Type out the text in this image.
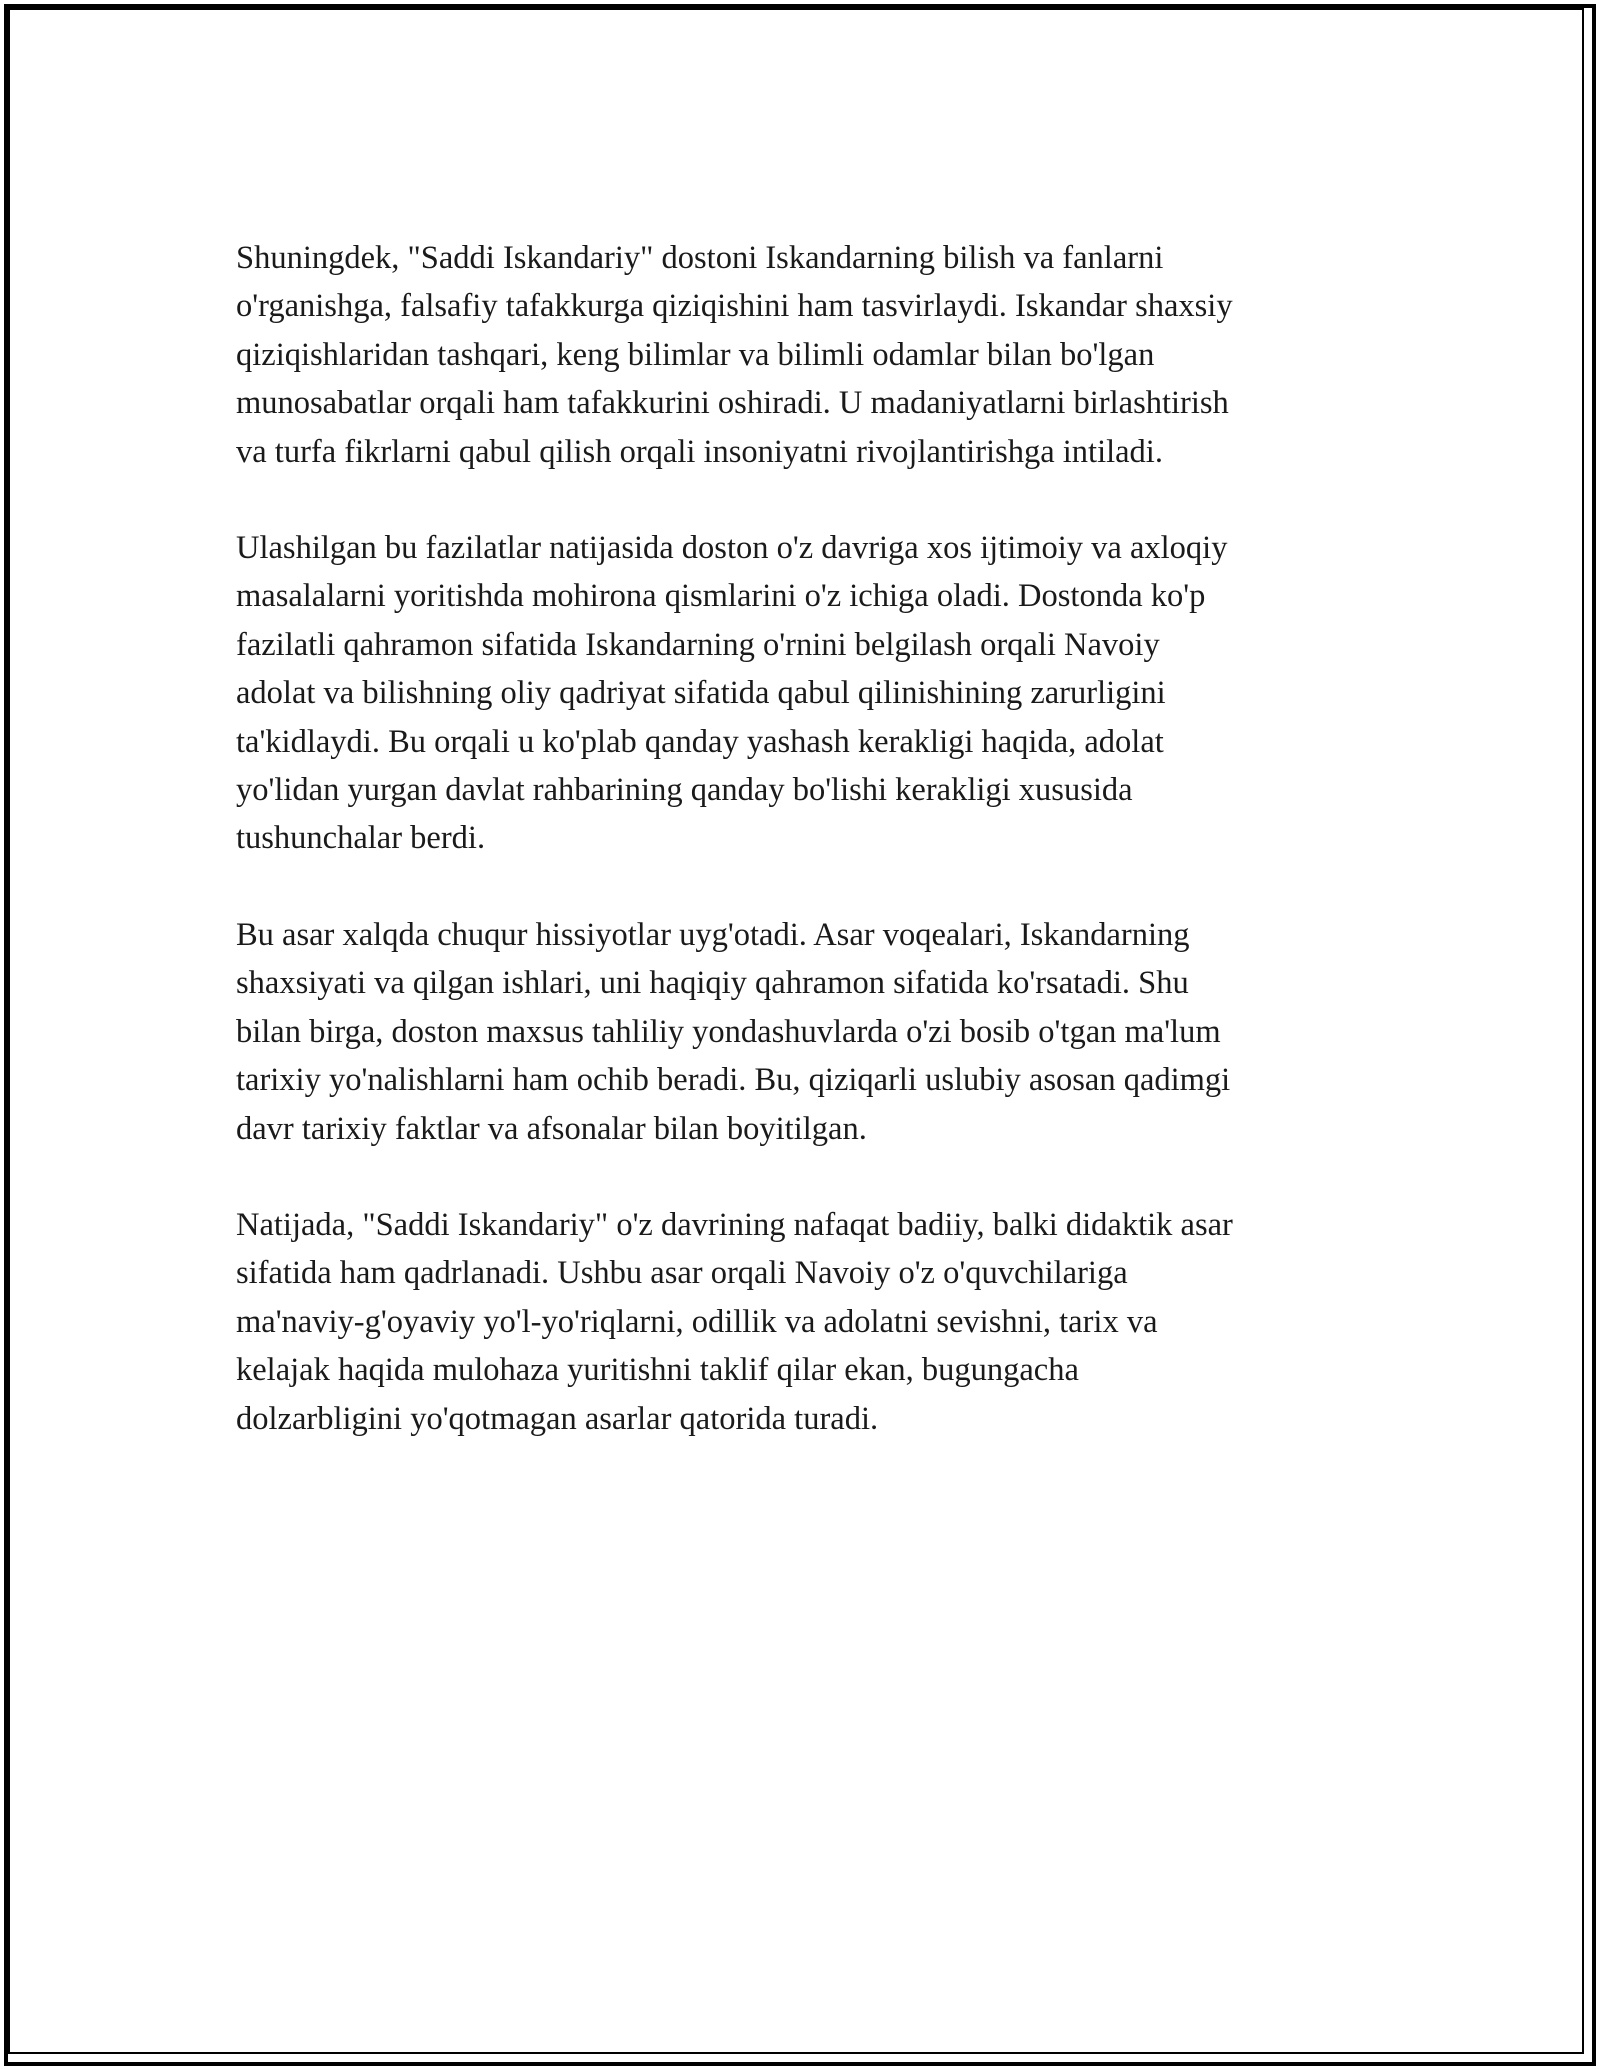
Shuningdek, "Saddi Iskandariy" dostoni Iskandarning bilish va fanlarni
o'rganishga, falsafiy tafakkurga qiziqishini ham tasvirlaydi. Iskandar shaxsiy
qiziqishlaridan tashqari, keng bilimlar va bilimli odamlar bilan bo'lgan
munosabatlar orqali ham tafakkurini oshiradi. U madaniyatlarni birlashtirish
va turfa fikrlarni qabul qilish orqali insoniyatni rivojlantirishga intiladi.

Ulashilgan bu fazilatlar natijasida doston o'z davriga xos ijtimoiy va axloqiy
masalalarni yoritishda mohirona qismlarini o'z ichiga oladi. Dostonda ko'p
fazilatli qahramon sifatida Iskandarning o'rnini belgilash orqali Navoiy
adolat va bilishning oliy qadriyat sifatida qabul qilinishining zarurligini
ta'kidlaydi. Bu orqali u ko'plab qanday yashash kerakligi haqida, adolat
yo'lidan yurgan davlat rahbarining qanday bo'lishi kerakligi xususida
tushunchalar berdi.

Bu asar xalqda chuqur hissiyotlar uyg'otadi. Asar voqealari, Iskandarning
shaxsiyati va qilgan ishlari, uni haqiqiy qahramon sifatida ko'rsatadi. Shu
bilan birga, doston maxsus tahliliy yondashuvlarda o'zi bosib o'tgan ma'lum
tarixiy yo'nalishlarni ham ochib beradi. Bu, qiziqarli uslubiy asosan qadimgi
davr tarixiy faktlar va afsonalar bilan boyitilgan.

Natijada, "Saddi Iskandariy" o'z davrining nafaqat badiiy, balki didaktik asar
sifatida ham qadrlanadi. Ushbu asar orqali Navoiy o'z o'quvchilariga
ma'naviy-g'oyaviy yo'l-yo'riqlarni, odillik va adolatni sevishni, tarix va
kelajak haqida mulohaza yuritishni taklif qilar ekan, bugungacha
dolzarbligini yo'qotmagan asarlar qatorida turadi.
